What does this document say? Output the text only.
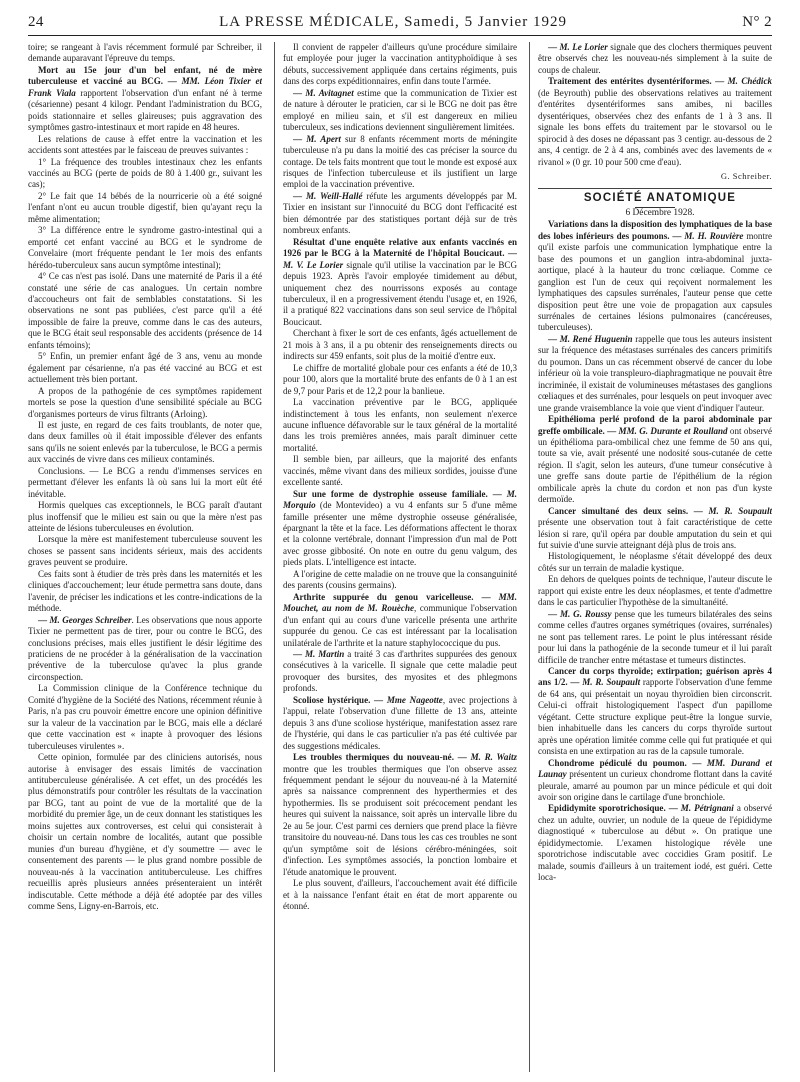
24	LA PRESSE MÉDICALE, Samedi, 5 Janvier 1929	N° 2

toire; se rangeant à l'avis récemment formulé par Schreiber, il demande auparavant l'épreuve du temps.

Mort au 15e jour d'un bel enfant, né de mère tuberculeuse et vacciné au BCG. — MM. Léon Tixier et Frank Viala rapportent l'observation d'un enfant né à terme (césarienne) pesant 4 kilogr. Pendant l'administration du BCG, poids stationnaire et selles glaireuses; puis aggravation des symptômes gastro-intestinaux et mort rapide en 48 heures.

Les relations de cause à effet entre la vaccination et les accidents sont attestées par le faisceau de preuves suivantes :

1° La fréquence des troubles intestinaux chez les enfants vaccinés au BCG (perte de poids de 80 à 1.400 gr., suivant les cas);

2° Le fait que 14 bébés de la nourricerie où a été soigné l'enfant n'ont eu aucun trouble digestif, bien qu'ayant reçu la même alimentation;

3° La différence entre le syndrome gastro-intestinal qui a emporté cet enfant vacciné au BCG et le syndrome de Convelaire (mort fréquente pendant le 1er mois des enfants hérédo-tuberculeux sans aucun symptôme intestinal);

4° Ce cas n'est pas isolé. Dans une maternité de Paris il a été constaté une série de cas analogues. Un certain nombre d'accoucheurs ont fait de semblables constatations. Si les observations ne sont pas publiées, c'est parce qu'il a été impossible de faire la preuve, comme dans le cas des auteurs, que le BCG était seul responsable des accidents (présence de 14 enfants témoins);

5° Enfin, un premier enfant âgé de 3 ans, venu au monde également par césarienne, n'a pas été vacciné au BCG et est actuellement très bien portant.

A propos de la pathogénie de ces symptômes rapidement mortels se pose la question d'une sensibilité spéciale au BCG d'organismes porteurs de virus filtrants (Arloing).

Il est juste, en regard de ces faits troublants, de noter que, dans deux familles où il était impossible d'élever des enfants sans qu'ils ne soient enlevés par la tuberculose, le BCG a permis aux vaccinés de vivre dans ces milieux contaminés.

Conclusions. — Le BCG a rendu d'immenses services en permettant d'élever les enfants là où sans lui la mort eût été inévitable.

Hormis quelques cas exceptionnels, le BCG paraît d'autant plus inoffensif que le milieu est sain ou que la mère n'est pas atteinte de lésions tuberculeuses en évolution.

Lorsque la mère est manifestement tuberculeuse souvent les choses se passent sans incidents sérieux, mais des accidents graves peuvent se produire.

Ces faits sont à étudier de très près dans les maternités et les cliniques d'accouchement; leur étude permettra sans doute, dans l'avenir, de préciser les indications et les contre-indications de la méthode.

— M. Georges Schreiber. Les observations que nous apporte Tixier ne permettent pas de tirer, pour ou contre le BCG, des conclusions précises, mais elles justifient le désir légitime des praticiens de ne procéder à la généralisation de la vaccination préventive de la tuberculose qu'avec la plus grande circonspection.

La Commission clinique de la Conférence technique du Comité d'hygiène de la Société des Nations, récemment réunie à Paris, n'a pas cru pouvoir émettre encore une opinion définitive sur la valeur de la vaccination par le BCG, mais elle a déclaré que cette vaccination est « inapte à provoquer des lésions tuberculeuses virulentes ».

Cette opinion, formulée par des cliniciens autorisés, nous autorise à envisager des essais limités de vaccination antituberculeuse généralisée. A cet effet, un des procédés les plus démonstratifs pour contrôler les résultats de la vaccination par BCG, tant au point de vue de la mortalité que de la morbidité du premier âge, un de ceux donnant les statistiques les moins sujettes aux controverses, est celui qui consisterait à choisir un certain nombre de localités, autant que possible munies d'un bureau d'hygiène, et d'y soumettre — avec le consentement des parents — le plus grand nombre possible de nouveau-nés à la vaccination antituberculeuse. Les chiffres recueillis après plusieurs années présenteraient un intérêt indiscutable. Cette méthode a déjà été adoptée par des villes comme Sens, Ligny-en-Barrois, etc.

Il convient de rappeler d'ailleurs qu'une procédure similaire fut employée pour juger la vaccination antityphoïdique à ses débuts, successivement appliquée dans certains régiments, puis dans des corps expéditionnaires, enfin dans toute l'armée.

— M. Avitagnet estime que la communication de Tixier est de nature à dérouter le praticien, car si le BCG ne doit pas être employé en milieu sain, et s'il est dangereux en milieu tuberculeux, ses indications deviennent singulièrement limitées.

— M. Apert sur 8 enfants récemment morts de méningite tuberculeuse n'a pu dans la moitié des cas préciser la source du contage. De tels faits montrent que tout le monde est exposé aux risques de l'infection tuberculeuse et ils justifient un large emploi de la vaccination préventive.

— M. Weill-Hallé réfute les arguments développés par M. Tixier en insistant sur l'innocuité du BCG dont l'efficacité est bien démontrée par des statistiques portant déjà sur de très nombreux enfants.

Résultat d'une enquête relative aux enfants vaccinés en 1926 par le BCG à la Maternité de l'hôpital Boucicaut. — M. V. Le Lorier signale qu'il utilise la vaccination par le BCG depuis 1923. Après l'avoir employée timidement au début, uniquement chez des nourrissons exposés au contage tuberculeux, il en a progressivement étendu l'usage et, en 1926, il a pratiqué 822 vaccinations dans son seul service de l'hôpital Boucicaut.

Cherchant à fixer le sort de ces enfants, âgés actuellement de 21 mois à 3 ans, il a pu obtenir des renseignements directs ou indirects sur 459 enfants, soit plus de la moitié d'entre eux.

Le chiffre de mortalité globale pour ces enfants a été de 10,3 pour 100, alors que la mortalité brute des enfants de 0 à 1 an est de 9,7 pour Paris et de 12,2 pour la banlieue.

La vaccination préventive par le BCG, appliquée indistinctement à tous les enfants, non seulement n'exerce aucune influence défavorable sur le taux général de la mortalité dans les trois premières années, mais paraît diminuer cette mortalité.

Il semble bien, par ailleurs, que la majorité des enfants vaccinés, même vivant dans des milieux sordides, jouisse d'une excellente santé.

Sur une forme de dystrophie osseuse familiale. — M. Morquio (de Montevideo) a vu 4 enfants sur 5 d'une même famille présenter une même dystrophie osseuse généralisée, épargnant la tête et la face. Les déformations affectent le thorax et la colonne vertébrale, donnant l'impression d'un mal de Pott avec grosse gibbosité. On note en outre du genu valgum, des pieds plats. L'intelligence est intacte.

A l'origine de cette maladie on ne trouve que la consanguinité des parents (cousins germains).

Arthrite suppurée du genou varicelleuse. — MM. Mouchet, au nom de M. Rouèche, communique l'observation d'un enfant qui au cours d'une varicelle présenta une arthrite suppurée du genou. Ce cas est intéressant par la localisation unilatérale de l'arthrite et la nature staphylococcique du pus.

— M. Martin a traité 3 cas d'arthrites suppurées des genoux consécutives à la varicelle. Il signale que cette maladie peut provoquer des bursites, des myosites et des phlegmons profonds.

Scoliose hystérique. — Mme Nageotte, avec projections à l'appui, relate l'observation d'une fillette de 13 ans, atteinte depuis 3 ans d'une scoliose hystérique, manifestation assez rare de l'hystérie, qui dans le cas particulier n'a pas été cultivée par des suggestions médicales.

Les troubles thermiques du nouveau-né. — M. R. Waitz montre que les troubles thermiques que l'on observe assez fréquemment pendant le séjour du nouveau-né à la Maternité après sa naissance comprennent des hyperthermies et des hypothermies. Ils se produisent soit précocement pendant les heures qui suivent la naissance, soit après un intervalle libre du 2e au 5e jour. C'est parmi ces derniers que prend place la fièvre transitoire du nouveau-né. Dans tous les cas ces troubles ne sont qu'un symptôme soit de lésions cérébro-méningées, soit d'infection. Les symptômes associés, la ponction lombaire et l'étude anatomique le prouvent.

Le plus souvent, d'ailleurs, l'accouchement avait été difficile et à la naissance l'enfant était en état de mort apparente ou étonné.

— M. Le Lorier signale que des clochers thermiques peuvent être observés chez les nouveau-nés simplement à la suite de coups de chaleur.

Traitement des entérites dysentériformes. — M. Chédick (de Beyrouth) publie des observations relatives au traitement d'entérites dysentériformes sans amibes, ni bacilles dysentériques, observées chez des enfants de 1 à 3 ans. Il signale les bons effets du traitement par le stovarsol ou le spirocid à des doses ne dépassant pas 3 centigr. au-dessous de 2 ans, 4 centigr. de 2 à 4 ans, combinés avec des lavements de « rivanol » (0 gr. 10 pour 500 cme d'eau).

G. Schreiber.

SOCIÉTÉ ANATOMIQUE

6 Décembre 1928.

Variations dans la disposition des lymphatiques de la base des lobes inférieurs des poumons. — M. H. Rouvière montre qu'il existe parfois une communication lymphatique entre la base des poumons et un ganglion intra-abdominal juxta-aortique, placé à la hauteur du tronc cœliaque. Comme ce ganglion est l'un de ceux qui reçoivent normalement les lymphatiques des capsules surrénales, l'auteur pense que cette disposition peut être une voie de propagation aux capsules surrénales de certaines lésions pulmonaires (cancéreuses, tuberculeuses).

— M. René Huguenin rappelle que tous les auteurs insistent sur la fréquence des métastases surrénales des cancers primitifs du poumon. Dans un cas récemment observé de cancer du lobe inférieur où la voie transpleuro-diaphragmatique ne pouvait être incriminée, il existait de volumineuses métastases des ganglions cœliaques et des surrénales, pour lesquels on peut invoquer avec une grande vraisemblance la voie que vient d'indiquer l'auteur.

Epithélioma perlé profond de la paroi abdominale par greffe ombilicale. — MM. G. Durante et Roulland ont observé un épithélioma para-ombilical chez une femme de 50 ans qui, toute sa vie, avait présenté une nodosité sous-cutanée de cette région. Il s'agit, selon les auteurs, d'une tumeur consécutive à une greffe sans doute partie de l'épithélium de la région ombilicale après la chute du cordon et non pas d'un kyste dermoïde.

Cancer simultané des deux seins. — M. R. Soupault présente une observation tout à fait caractéristique de cette lésion si rare, qu'il opéra par double amputation du sein et qui fut suivie d'une survie atteignant déjà plus de trois ans.

Histologiquement, le néoplasme s'était développé des deux côtés sur un terrain de maladie kystique.

En dehors de quelques points de technique, l'auteur discute le rapport qui existe entre les deux néoplasmes, et tente d'admettre dans le cas particulier l'hypothèse de la simultanéité.

— M. G. Roussy pense que les tumeurs bilatérales des seins comme celles d'autres organes symétriques (ovaires, surrénales) ne sont pas tellement rares. Le point le plus intéressant réside pour lui dans la pathogénie de la seconde tumeur et il lui paraît difficile de trancher entre métastase et tumeurs distinctes.

Cancer du corps thyroïde; extirpation; guérison après 4 ans 1/2. — M. R. Soupault rapporte l'observation d'une femme de 64 ans, qui présentait un noyau thyroïdien bien circonscrit. Celui-ci offrait histologiquement l'aspect d'un papillome végétant. Cette structure explique peut-être la longue survie, bien inhabituelle dans les cancers du corps thyroïde surtout après une opération limitée comme celle qui fut pratiquée et qui consista en une extirpation au ras de la capsule tumorale.

Chondrome pédiculé du poumon. — MM. Durand et Launay présentent un curieux chondrome flottant dans la cavité pleurale, amarré au poumon par un mince pédicule et qui doit avoir son origine dans le cartilage d'une bronchiole.

Epididymite sporotrichosique. — M. Pétrignani a observé chez un adulte, ouvrier, un nodule de la queue de l'épididyme diagnostiqué « tuberculose au début ». On pratique une épididymectomie. L'examen histologique révèle une sporotrichose indiscutable avec coccidies Gram positif. Le malade, soumis d'ailleurs à un traitement iodé, est guéri. Cette loca-
